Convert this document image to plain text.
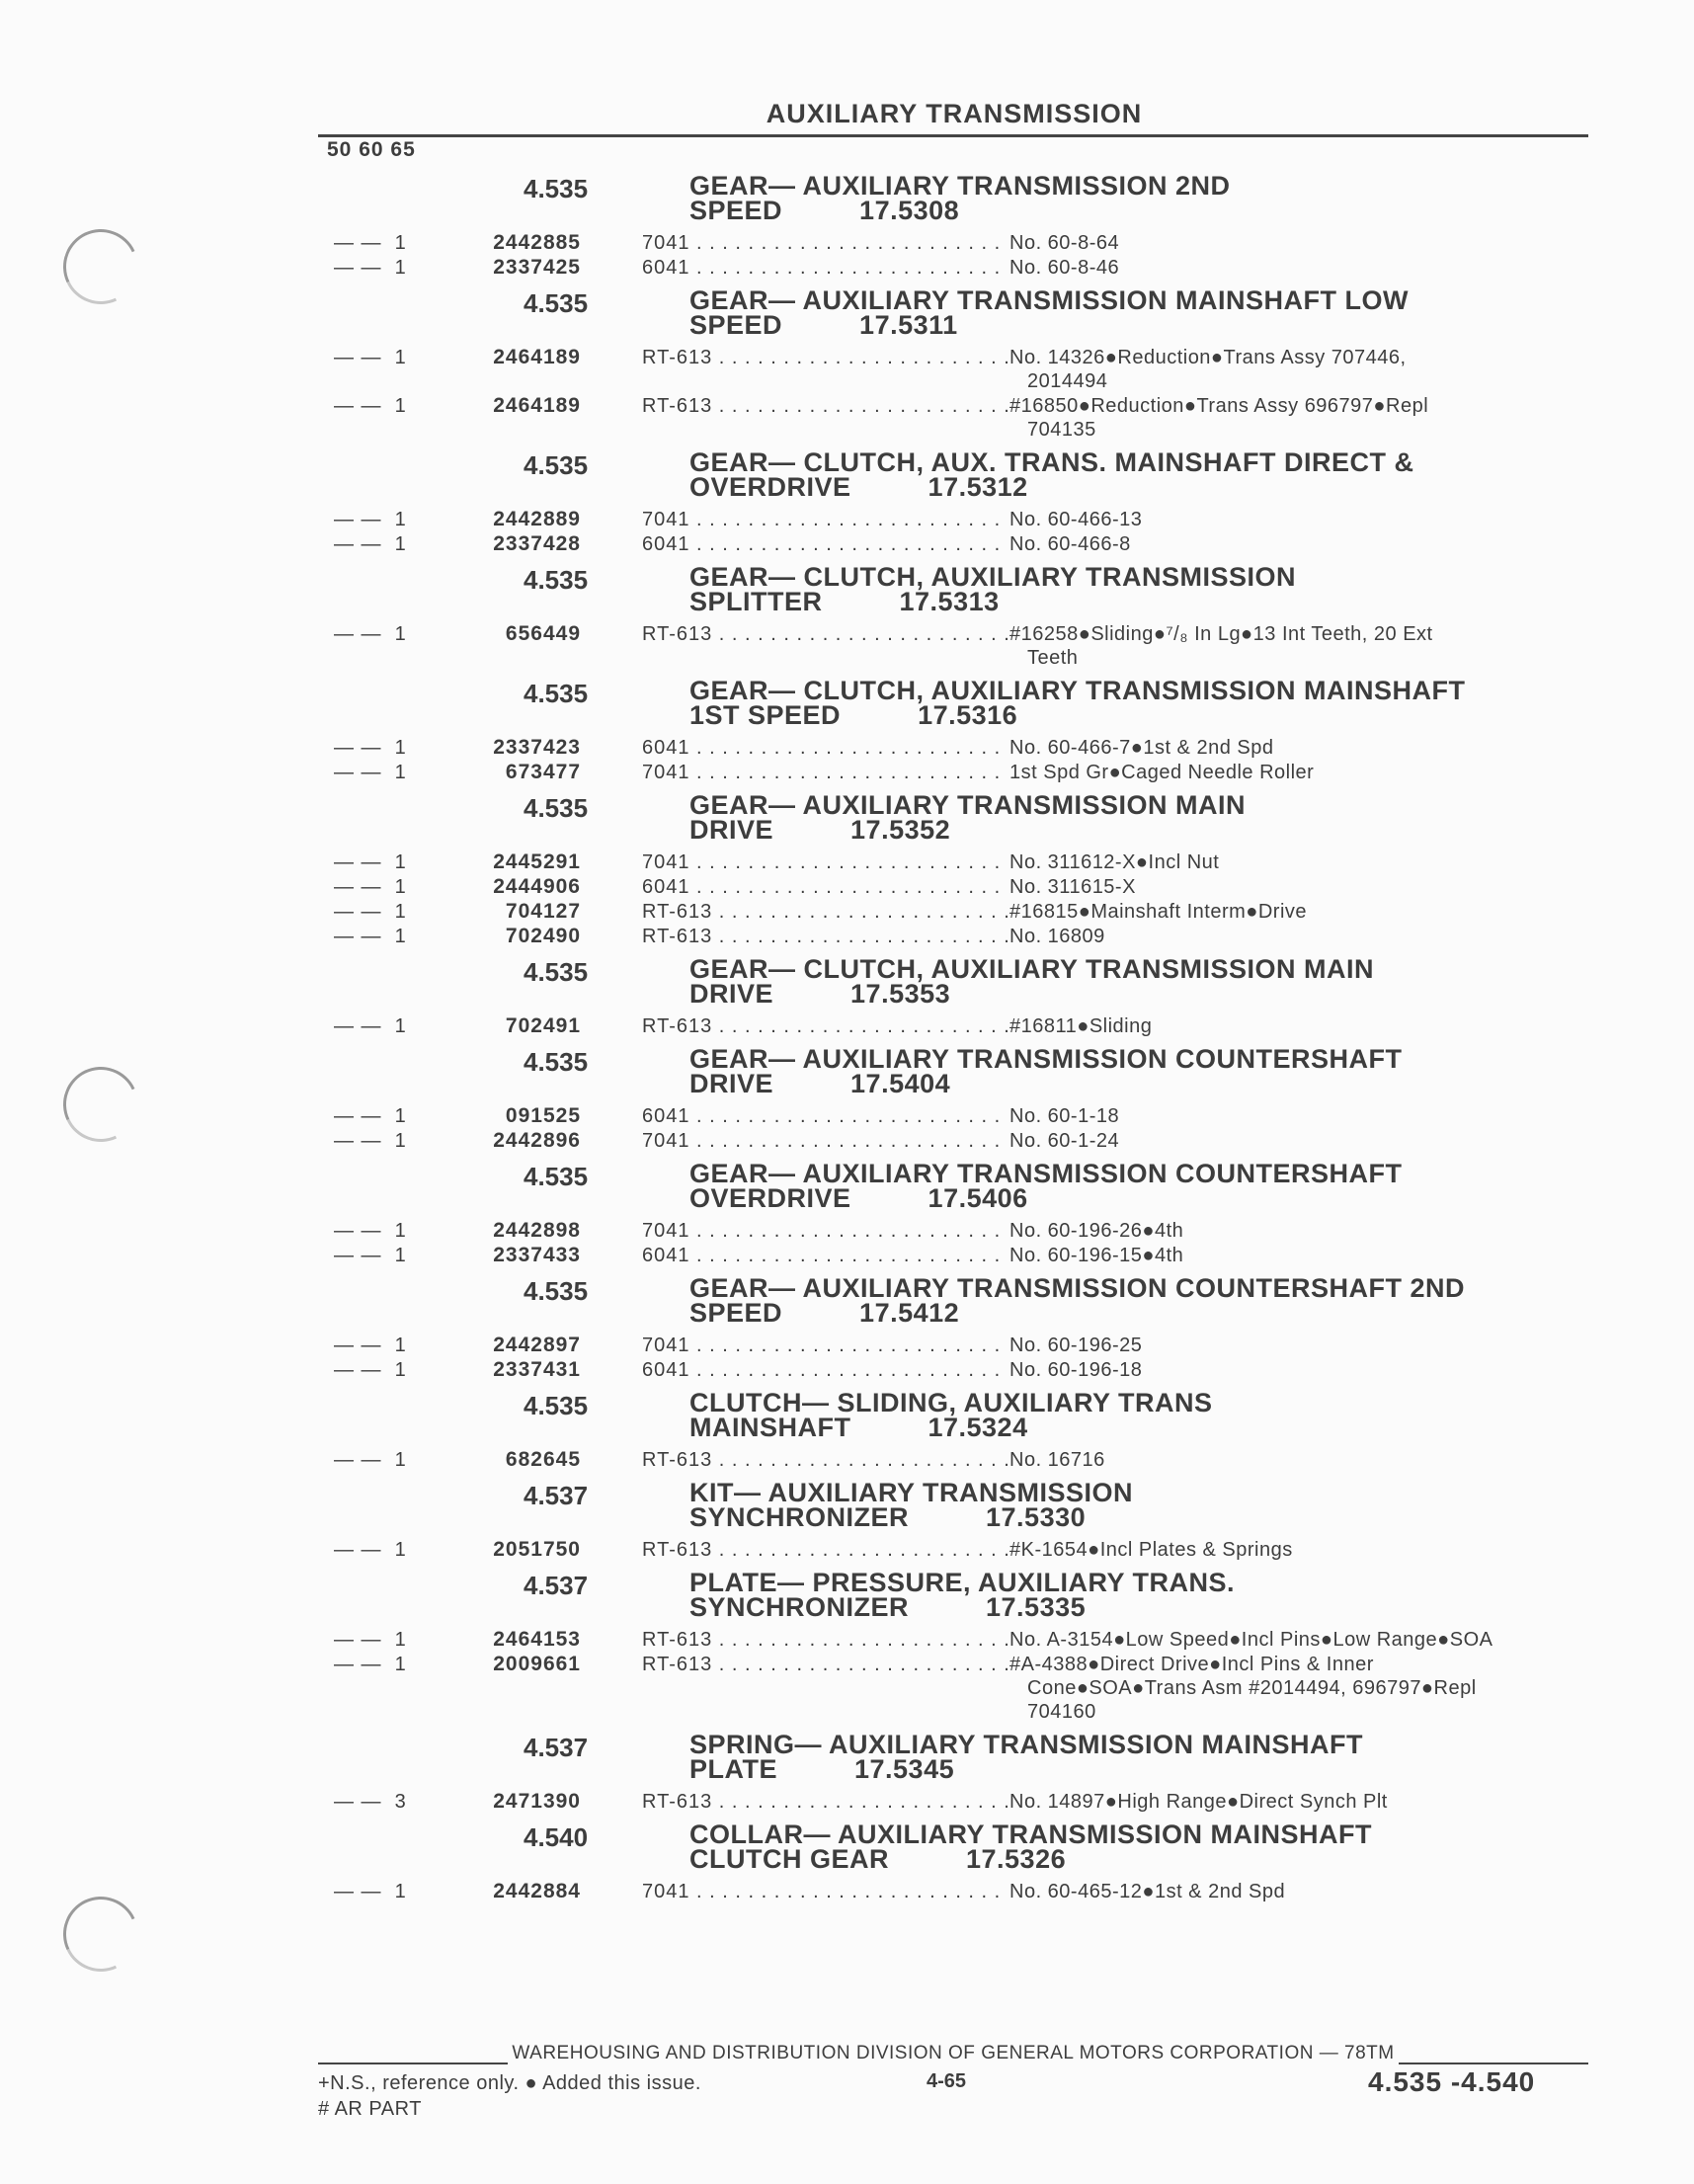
AUXILIARY TRANSMISSION
50 60 65
4.535	GEAR— AUXILIARY TRANSMISSION 2ND
SPEED	17.5308
— —  1	2442885	7041 . . .	No. 60-8-64
— —  1	2337425	6041 . . .	No. 60-8-46
4.535	GEAR— AUXILIARY TRANSMISSION MAINSHAFT LOW
SPEED	17.5311
— —  1	2464189	RT-613 . . .	No. 14326●Reduction●Trans Assy 707446,
2014494
— —  1	2464189	RT-613 . . .	#16850●Reduction●Trans Assy 696797●Repl
704135
4.535	GEAR— CLUTCH, AUX. TRANS. MAINSHAFT DIRECT &
OVERDRIVE	17.5312
— —  1	2442889	7041 . . .	No. 60-466-13
— —  1	2337428	6041 . . .	No. 60-466-8
4.535	GEAR— CLUTCH, AUXILIARY TRANSMISSION
SPLITTER	17.5313
— —  1	656449	RT-613 . . .	#16258●Sliding●⁷/₈ In Lg●13 Int Teeth, 20 Ext
Teeth
4.535	GEAR— CLUTCH, AUXILIARY TRANSMISSION MAINSHAFT
1ST SPEED	17.5316
— —  1	2337423	6041 . . .	No. 60-466-7●1st & 2nd Spd
— —  1	673477	7041 . . .	1st Spd Gr●Caged Needle Roller
4.535	GEAR— AUXILIARY TRANSMISSION MAIN
DRIVE	17.5352
— —  1	2445291	7041 . . .	No. 311612-X●Incl Nut
— —  1	2444906	6041 . . .	No. 311615-X
— —  1	704127	RT-613 . . .	#16815●Mainshaft Interm●Drive
— —  1	702490	RT-613 . . .	No. 16809
4.535	GEAR— CLUTCH, AUXILIARY TRANSMISSION MAIN
DRIVE	17.5353
— —  1	702491	RT-613 . . .	#16811●Sliding
4.535	GEAR— AUXILIARY TRANSMISSION COUNTERSHAFT
DRIVE	17.5404
— —  1	091525	6041 . . .	No. 60-1-18
— —  1	2442896	7041 . . .	No. 60-1-24
4.535	GEAR— AUXILIARY TRANSMISSION COUNTERSHAFT
OVERDRIVE	17.5406
— —  1	2442898	7041 . . .	No. 60-196-26●4th
— —  1	2337433	6041 . . .	No. 60-196-15●4th
4.535	GEAR— AUXILIARY TRANSMISSION COUNTERSHAFT 2ND
SPEED	17.5412
— —  1	2442897	7041 . . .	No. 60-196-25
— —  1	2337431	6041 . . .	No. 60-196-18
4.535	CLUTCH— SLIDING, AUXILIARY TRANS
MAINSHAFT	17.5324
— —  1	682645	RT-613 . . .	No. 16716
4.537	KIT— AUXILIARY TRANSMISSION
SYNCHRONIZER	17.5330
— —  1	2051750	RT-613 . . .	#K-1654●Incl Plates & Springs
4.537	PLATE— PRESSURE, AUXILIARY TRANS.
SYNCHRONIZER	17.5335
— —  1	2464153	RT-613 . . .	No. A-3154●Low Speed●Incl Pins●Low Range●SOA
— —  1	2009661	RT-613 . . .	#A-4388●Direct Drive●Incl Pins & Inner
Cone●SOA●Trans Asm #2014494, 696797●Repl
704160
4.537	SPRING— AUXILIARY TRANSMISSION MAINSHAFT
PLATE	17.5345
— —  3	2471390	RT-613 . . .	No. 14897●High Range●Direct Synch Plt
4.540	COLLAR— AUXILIARY TRANSMISSION MAINSHAFT
CLUTCH GEAR	17.5326
— —  1	2442884	7041 . . .	No. 60-465-12●1st & 2nd Spd
WAREHOUSING AND DISTRIBUTION DIVISION OF GENERAL MOTORS CORPORATION — 78TM
+N.S., reference only. ● Added this issue.
# AR PART
4-65	4.535 -4.540
